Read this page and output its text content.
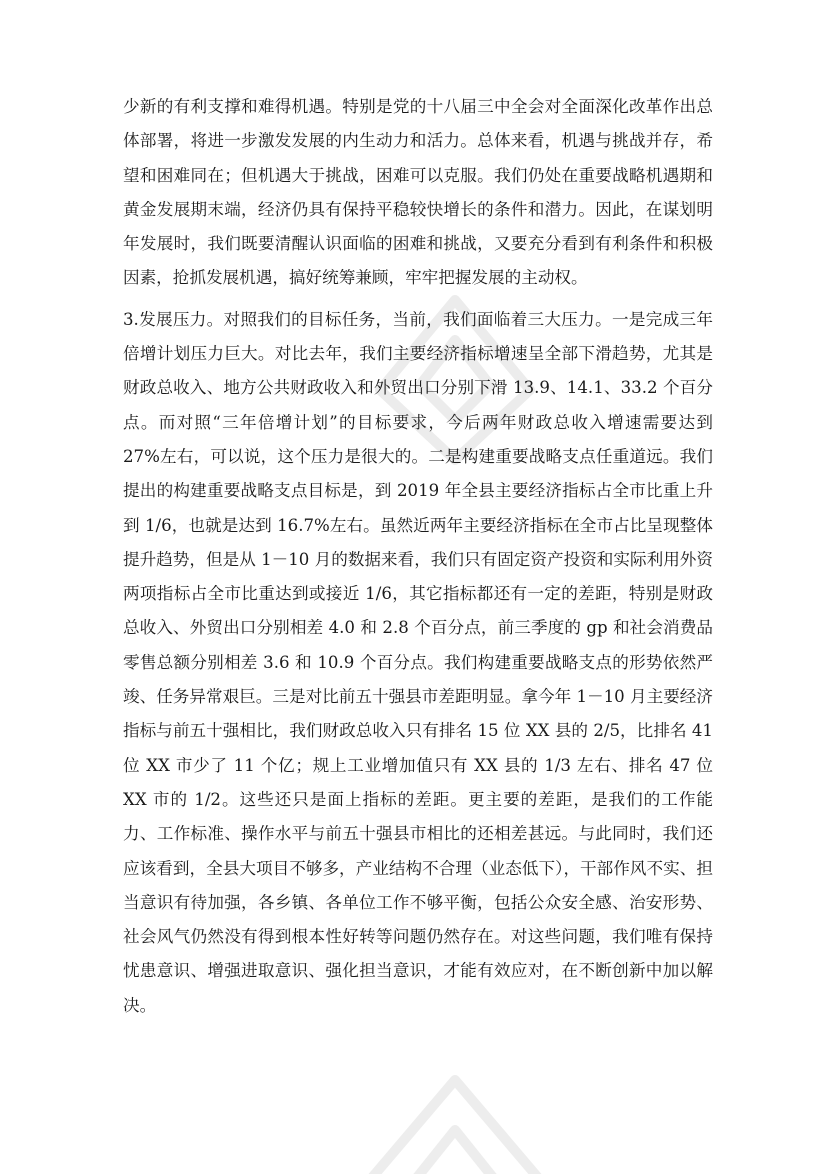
少新的有利支撑和难得机遇。特别是党的十八届三中全会对全面深化改革作出总体部署，将进一步激发发展的内生动力和活力。总体来看，机遇与挑战并存，希望和困难同在；但机遇大于挑战，困难可以克服。我们仍处在重要战略机遇期和黄金发展期末端，经济仍具有保持平稳较快增长的条件和潜力。因此，在谋划明年发展时，我们既要清醒认识面临的困难和挑战，又要充分看到有利条件和积极因素，抢抓发展机遇，搞好统筹兼顾，牢牢把握发展的主动权。

3.发展压力。对照我们的目标任务，当前，我们面临着三大压力。一是完成三年倍增计划压力巨大。对比去年，我们主要经济指标增速呈全部下滑趋势，尤其是财政总收入、地方公共财政收入和外贸出口分别下滑 13.9、14.1、33.2 个百分点。而对照“三年倍增计划”的目标要求，今后两年财政总收入增速需要达到 27%左右，可以说，这个压力是很大的。二是构建重要战略支点任重道远。我们提出的构建重要战略支点目标是，到 2019 年全县主要经济指标占全市比重上升到 1/6，也就是达到 16.7%左右。虽然近两年主要经济指标在全市占比呈现整体提升趋势，但是从 1－10 月的数据来看，我们只有固定资产投资和实际利用外资两项指标占全市比重达到或接近 1/6，其它指标都还有一定的差距，特别是财政总收入、外贸出口分别相差 4.0 和 2.8 个百分点，前三季度的 gp 和社会消费品零售总额分别相差 3.6 和 10.9 个百分点。我们构建重要战略支点的形势依然严竣、任务异常艰巨。三是对比前五十强县市差距明显。拿今年 1－10 月主要经济指标与前五十强相比，我们财政总收入只有排名 15 位 XX 县的 2/5，比排名 41 位 XX 市少了 11 个亿；规上工业增加值只有 XX 县的 1/3 左右、排名 47 位 XX 市的 1/2。这些还只是面上指标的差距。更主要的差距，是我们的工作能力、工作标准、操作水平与前五十强县市相比的还相差甚远。与此同时，我们还应该看到，全县大项目不够多，产业结构不合理（业态低下），干部作风不实、担当意识有待加强，各乡镇、各单位工作不够平衡，包括公众安全感、治安形势、社会风气仍然没有得到根本性好转等问题仍然存在。对这些问题，我们唯有保持忧患意识、增强进取意识、强化担当意识，才能有效应对，在不断创新中加以解决。
